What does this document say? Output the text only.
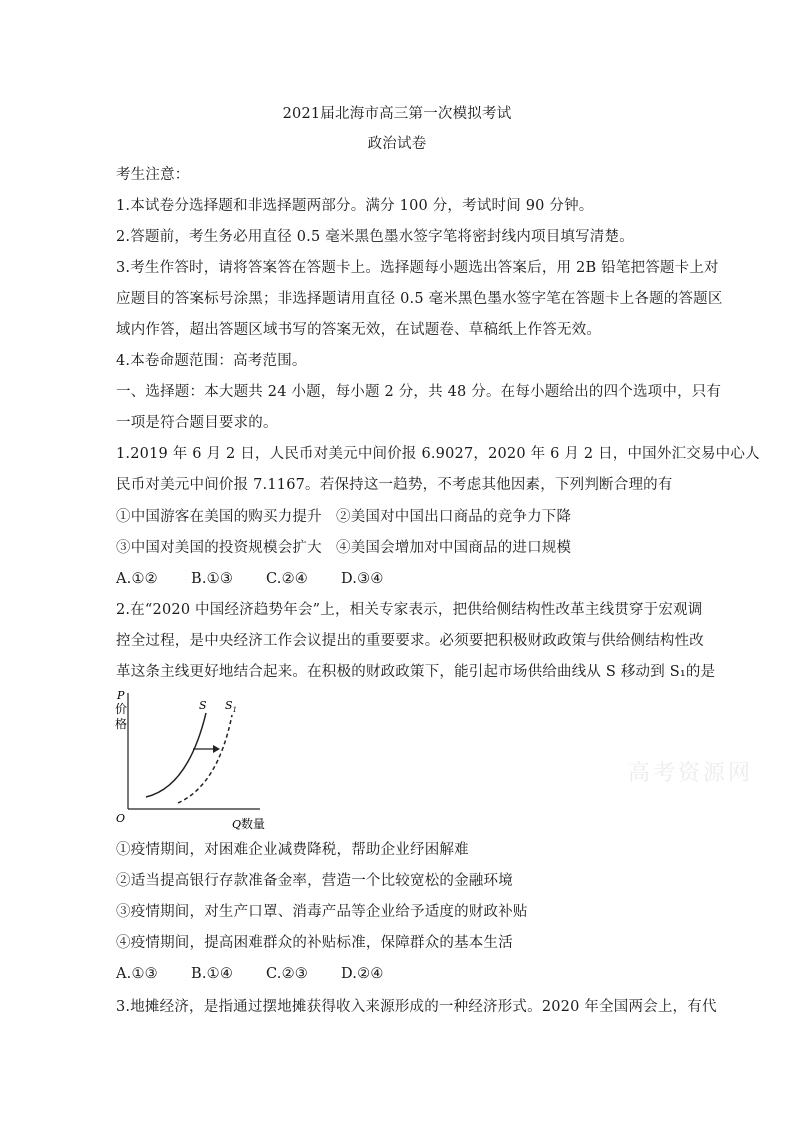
2021届北海市高三第一次模拟考试
政治试卷
考生注意：
1.本试卷分选择题和非选择题两部分。满分 100 分，考试时间 90 分钟。
2.答题前，考生务必用直径 0.5 毫米黑色墨水签字笔将密封线内项目填写清楚。
3.考生作答时，请将答案答在答题卡上。选择题每小题选出答案后，用 2B 铅笔把答题卡上对
应题目的答案标号涂黑；非选择题请用直径 0.5 毫米黑色墨水签字笔在答题卡上各题的答题区
域内作答，超出答题区域书写的答案无效，在试题卷、草稿纸上作答无效。
4.本卷命题范围：高考范围。
一、选择题：本大题共 24 小题，每小题 2 分，共 48 分。在每小题给出的四个选项中，只有
一项是符合题目要求的。
1.2019 年 6 月 2 日，人民币对美元中间价报 6.9027，2020 年 6 月 2 日，中国外汇交易中心人
民币对美元中间价报 7.1167。若保持这一趋势，不考虑其他因素，下列判断合理的有
①中国游客在美国的购买力提升 ②美国对中国出口商品的竞争力下降
③中国对美国的投资规模会扩大 ④美国会增加对中国商品的进口规模
A.①② B.①③ C.②④ D.③④
2.在“2020 中国经济趋势年会”上，相关专家表示，把供给侧结构性改革主线贯穿于宏观调
控全过程，是中央经济工作会议提出的重要要求。必须要把积极财政政策与供给侧结构性改
革这条主线更好地结合起来。在积极的财政政策下，能引起市场供给曲线从 S 移动到 S₁的是
P
价
格
O	Q 数量
S $S_1$
高考资源网
①疫情期间，对困难企业减费降税，帮助企业纾困解难
②适当提高银行存款准备金率，营造一个比较宽松的金融环境
③疫情期间，对生产口罩、消毒产品等企业给予适度的财政补贴
④疫情期间，提高困难群众的补贴标准，保障群众的基本生活
A.①③ B.①④ C.②③ D.②④
3.地摊经济，是指通过摆地摊获得收入来源形成的一种经济形式。2020 年全国两会上，有代
